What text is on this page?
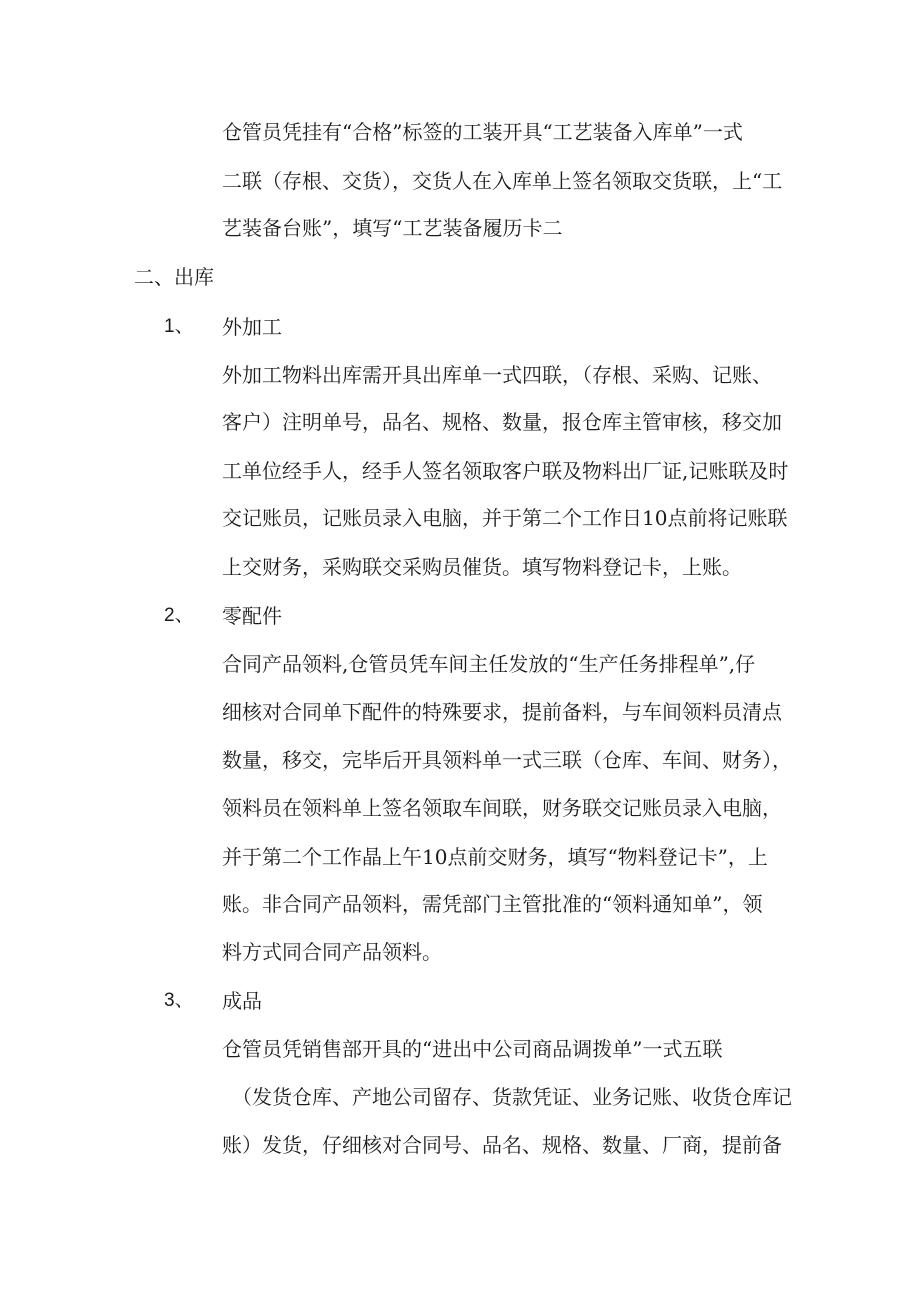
仓管员凭挂有“合格”标签的工装开具“工艺装备入库单”一式
二联（存根、交货），交货人在入库单上签名领取交货联，上“工
艺装备台账”，填写“工艺装备履历卡二
二、出库
1、 外加工
外加工物料出库需开具出库单一式四联，（存根、采购、记账、
客户）注明单号，品名、规格、数量，报仓库主管审核，移交加
工单位经手人，经手人签名领取客户联及物料出厂证,记账联及时
交记账员，记账员录入电脑，并于第二个工作日10点前将记账联
上交财务，采购联交采购员催货。填写物料登记卡，上账。
2、 零配件
合同产品领料,仓管员凭车间主任发放的“生产任务排程单”,仔
细核对合同单下配件的特殊要求，提前备料，与车间领料员清点
数量，移交，完毕后开具领料单一式三联（仓库、车间、财务），
领料员在领料单上签名领取车间联，财务联交记账员录入电脑，
并于第二个工作晶上午10点前交财务，填写“物料登记卡”，上
账。非合同产品领料，需凭部门主管批准的“领料通知单”，领
料方式同合同产品领料。
3、 成品
仓管员凭销售部开具的“进出中公司商品调拨单”一式五联
（发货仓库、产地公司留存、货款凭证、业务记账、收货仓库记
账）发货，仔细核对合同号、品名、规格、数量、厂商，提前备
